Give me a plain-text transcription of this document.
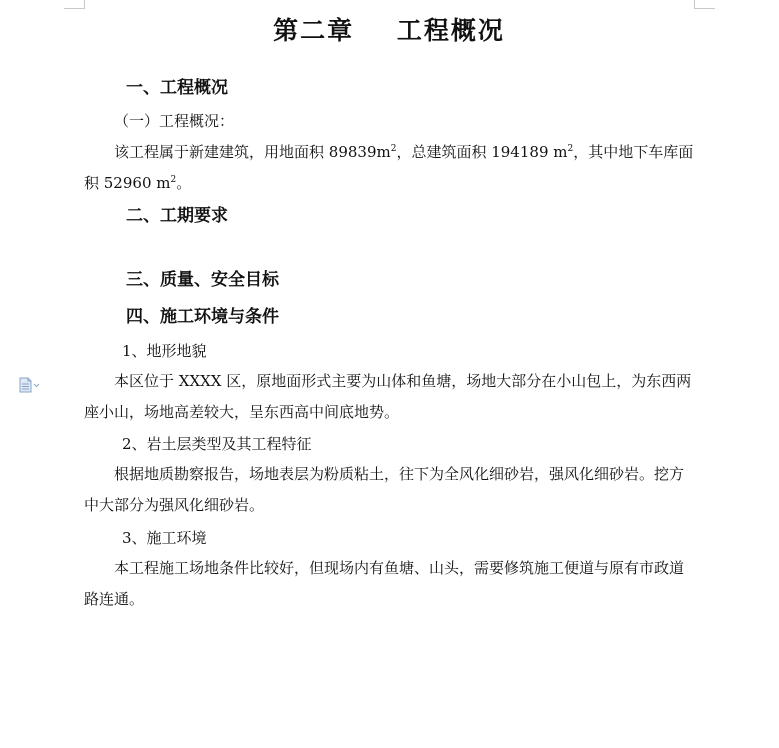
第二章    工程概况
一、工程概况
（一）工程概况：
该工程属于新建建筑，用地面积 $89839m^2$，总建筑面积 194189 $m^2$，其中地下车库面积 52960 $m^2$。
二、工期要求
三、质量、安全目标
四、施工环境与条件
1、地形地貌
本区位于 XXXX 区，原地面形式主要为山体和鱼塘，场地大部分在小山包上，为东西两座小山，场地高差较大，呈东西高中间底地势。
2、岩土层类型及其工程特征
根据地质勘察报告，场地表层为粉质粘土，往下为全风化细砂岩，强风化细砂岩。挖方中大部分为强风化细砂岩。
3、施工环境
本工程施工场地条件比较好，但现场内有鱼塘、山头，需要修筑施工便道与原有市政道路连通。
